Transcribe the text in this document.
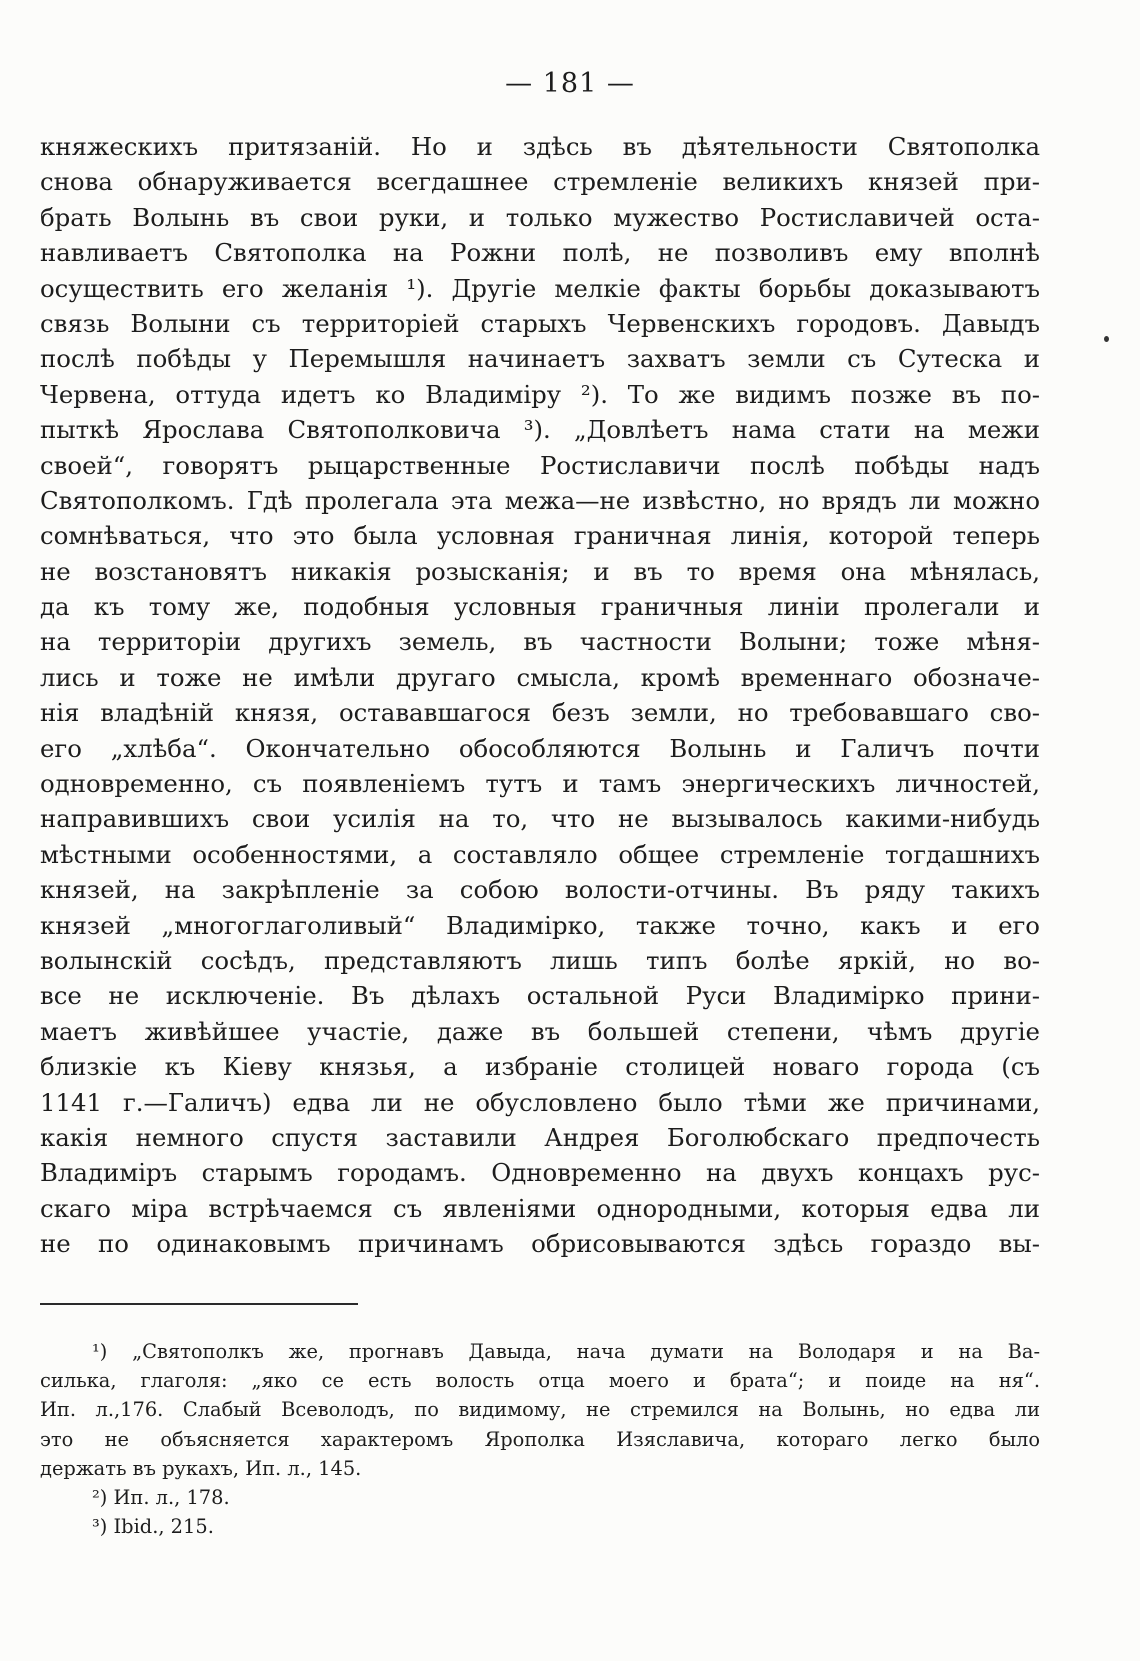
— 181 —
княжескихъ притязаній. Но и здѣсь въ дѣятельности Святополка
снова обнаруживается всегдашнее стремленіе великихъ князей при-
брать Волынь въ свои руки, и только мужество Ростиславичей оста-
навливаетъ Святополка на Рожни полѣ, не позволивъ ему вполнѣ
осуществить его желанія ¹). Другіе мелкіе факты борьбы доказываютъ
связь Волыни съ территоріей старыхъ Червенскихъ городовъ. Давыдъ
послѣ побѣды у Перемышля начинаетъ захватъ земли съ Сутеска и
Червена, оттуда идетъ ко Владиміру ²). То же видимъ позже въ по-
пыткѣ Ярослава Святополковича ³). „Довлѣетъ нама стати на межи
своей“, говорятъ рыцарственные Ростиславичи послѣ побѣды надъ
Святополкомъ. Гдѣ пролегала эта межа—не извѣстно, но врядъ ли можно
сомнѣваться, что это была условная граничная линія, которой теперь
не возстановятъ никакія розысканія; и въ то время она мѣнялась,
да къ тому же, подобныя условныя граничныя линіи пролегали и
на территоріи другихъ земель, въ частности Волыни; тоже мѣня-
лись и тоже не имѣли другаго смысла, кромѣ временнаго обозначе-
нія владѣній князя, остававшагося безъ земли, но требовавшаго сво-
его „хлѣба“. Окончательно обособляются Волынь и Галичъ почти
одновременно, съ появленіемъ тутъ и тамъ энергическихъ личностей,
направившихъ свои усилія на то, что не вызывалось какими-нибудь
мѣстными особенностями, а составляло общее стремленіе тогдашнихъ
князей, на закрѣпленіе за собою волости-отчины. Въ ряду такихъ
князей „многоглаголивый“ Владимірко, также точно, какъ и его
волынскій сосѣдъ, представляютъ лишь типъ болѣе яркій, но во-
все не исключеніе. Въ дѣлахъ остальной Руси Владимірко прини-
маетъ живѣйшее участіе, даже въ большей степени, чѣмъ другіе
близкіе къ Кіеву князья, а избраніе столицей новаго города (съ
1141 г.—Галичъ) едва ли не обусловлено было тѣми же причинами,
какія немного спустя заставили Андрея Боголюбскаго предпочесть
Владиміръ старымъ городамъ. Одновременно на двухъ концахъ рус-
скаго міра встрѣчаемся съ явленіями однородными, которыя едва ли
не по одинаковымъ причинамъ обрисовываются здѣсь гораздо вы-
¹) „Святополкъ же, прогнавъ Давыда, нача думати на Володаря и на Ва-
силька, глаголя: „яко се есть волость отца моего и брата“; и поиде на ня“.
Ип. л.,176. Слабый Всеволодъ, по видимому, не стремился на Волынь, но едва ли
это не объясняется характеромъ Ярополка Изяславича, котораго легко было
держать въ рукахъ, Ип. л., 145.
²) Ип. л., 178.
³) Ibid., 215.
